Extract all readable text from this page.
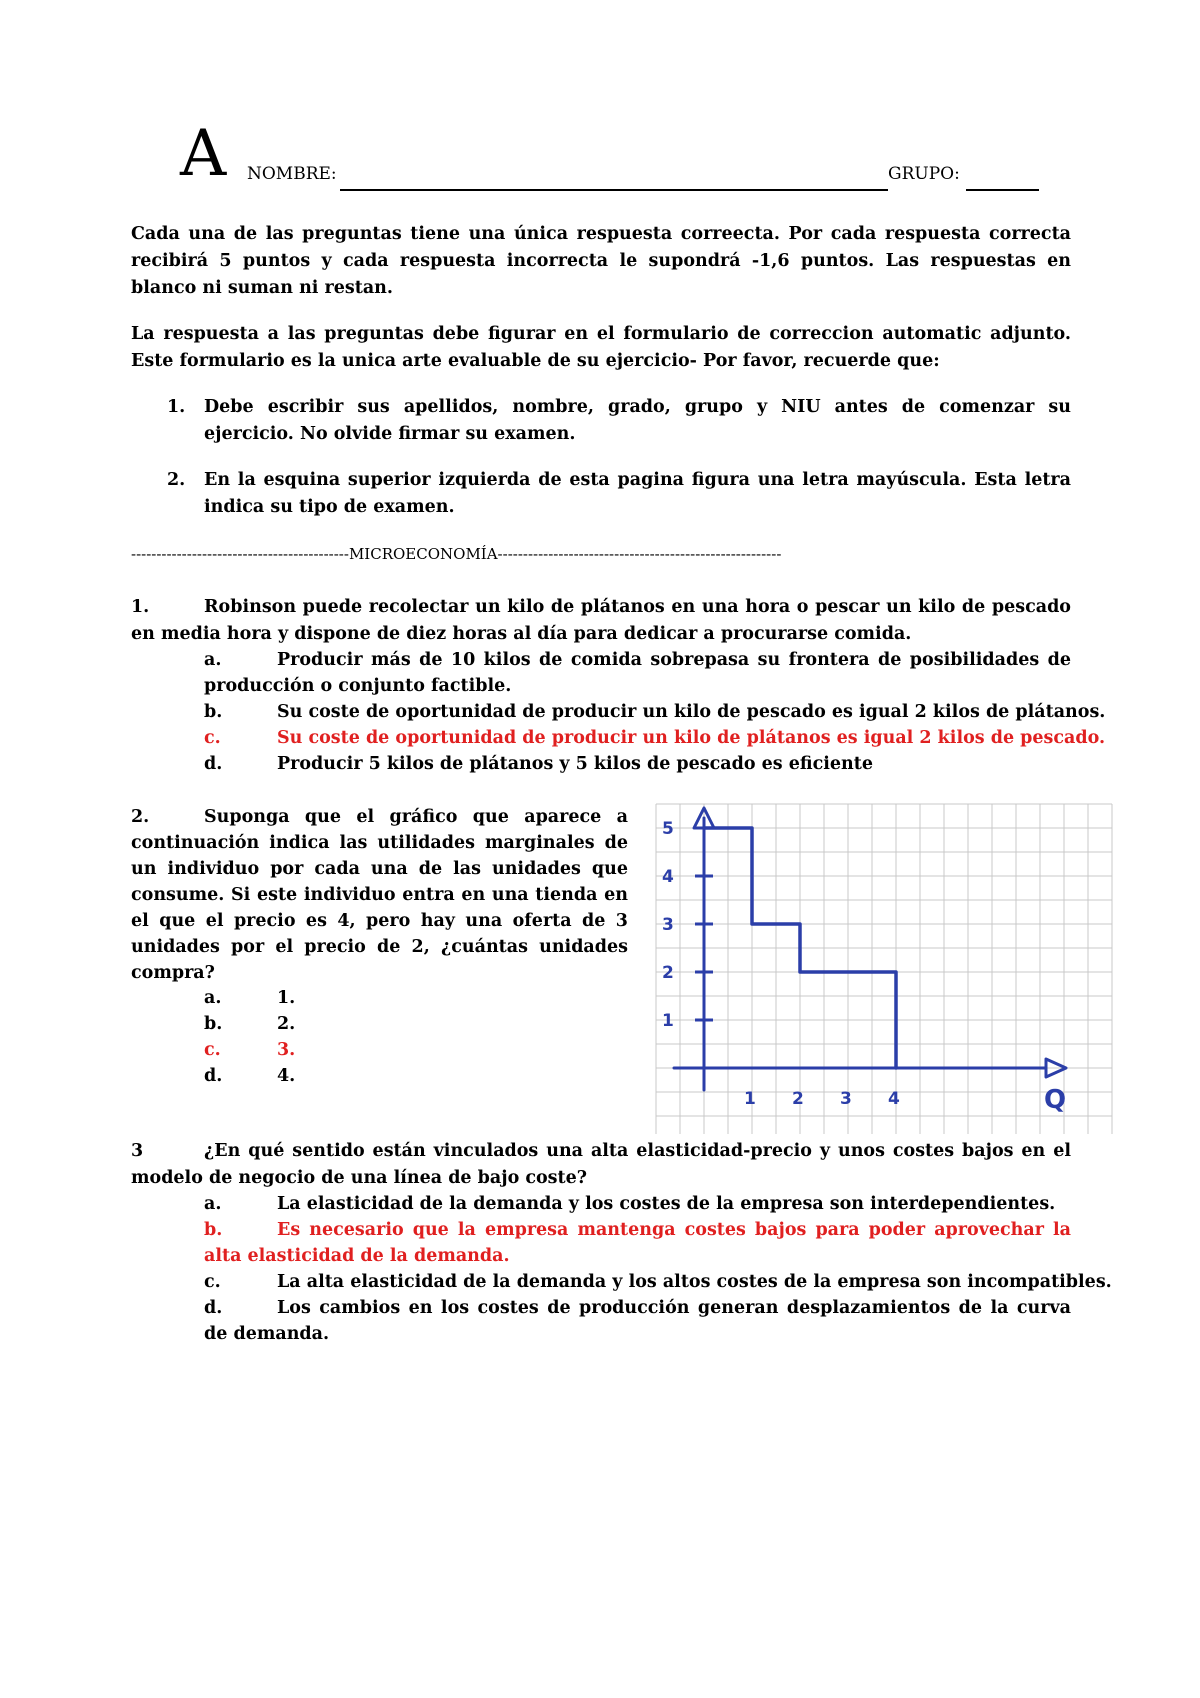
A NOMBRE:	GRUPO:
Cada una de las preguntas tiene una única respuesta correecta. Por cada respuesta correcta recibirá 5 puntos y cada respuesta incorrecta le supondrá -1,6 puntos. Las respuestas en blanco ni suman ni restan.
La respuesta a las preguntas debe figurar en el formulario de correccion automatic adjunto. Este formulario es la unica arte evaluable de su ejercicio- Por favor, recuerde que:
1. Debe escribir sus apellidos, nombre, grado, grupo y NIU antes de comenzar su ejercicio. No olvide firmar su examen.
2. En la esquina superior izquierda de esta pagina figura una letra mayúscula. Esta letra indica su tipo de examen.
-------------------------------------------MICROECONOMÍA--------------------------------------------------------
1.	Robinson puede recolectar un kilo de plátanos en una hora o pescar un kilo de pescado en media hora y dispone de diez horas al día para dedicar a procurarse comida.
a.	Producir más de 10 kilos de comida sobrepasa su frontera de posibilidades de producción o conjunto factible.
b.	Su coste de oportunidad de producir un kilo de pescado es igual 2 kilos de plátanos.
c.	Su coste de oportunidad de producir un kilo de plátanos es igual 2 kilos de pescado.
d.	Producir 5 kilos de plátanos y 5 kilos de pescado es eficiente
2.	Suponga que el gráfico que aparece a continuación indica las utilidades marginales de un individuo por cada una de las unidades que consume. Si este individuo entra en una tienda en el que el precio es 4, pero hay una oferta de 3 unidades por el precio de 2, ¿cuántas unidades compra?
a.	1.
b.	2.
c.	3.
d.	4.
1 2 3 4
1
2
3
4
5
Q
3	¿En qué sentido están vinculados una alta elasticidad-precio y unos costes bajos en el modelo de negocio de una línea de bajo coste?
a.	La elasticidad de la demanda y los costes de la empresa son interdependientes.
b.	Es necesario que la empresa mantenga costes bajos para poder aprovechar la alta elasticidad de la demanda.
c.	La alta elasticidad de la demanda y los altos costes de la empresa son incompatibles.
d.	Los cambios en los costes de producción generan desplazamientos de la curva de demanda.
